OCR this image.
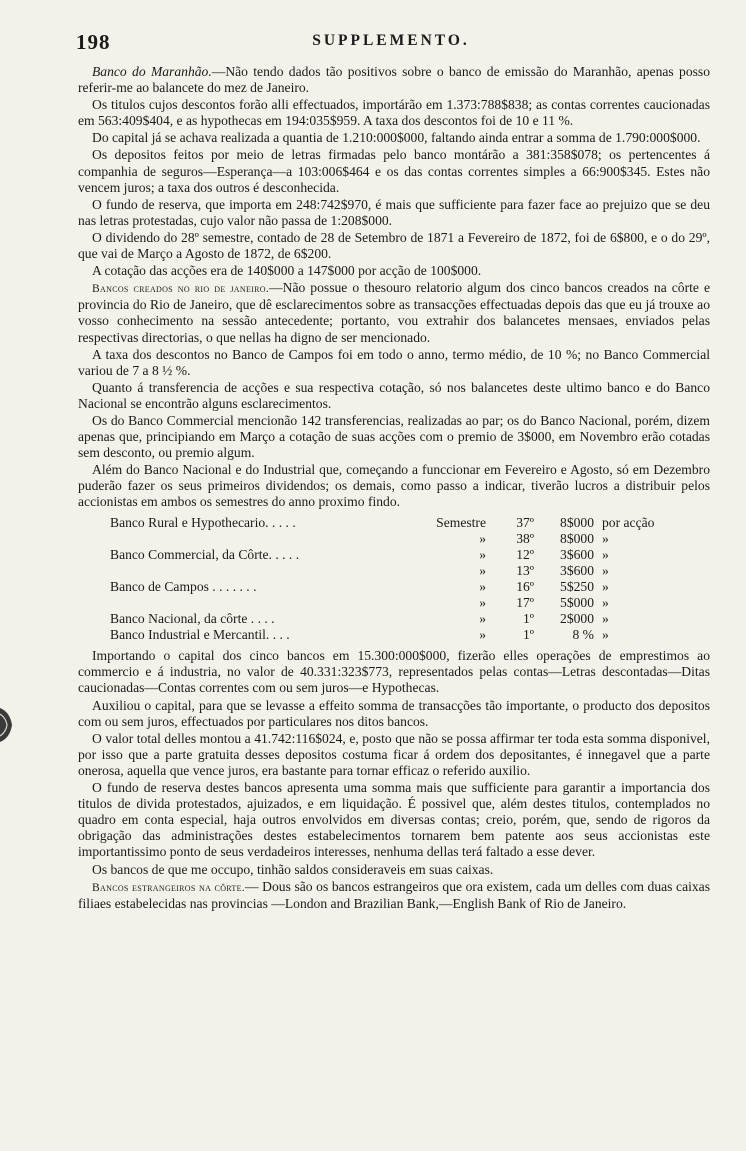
198	SUPPLEMENTO.

Banco do Maranhão.—Não tendo dados tão positivos sobre o banco de emissão do Maranhão, apenas posso referir-me ao balancete do mez de Janeiro.

Os titulos cujos descontos forão alli effectuados, importárão em 1.373:788$838; as contas correntes caucionadas em 563:409$404, e as hypothecas em 194:035$959. A taxa dos descontos foi de 10 e 11 %.

Do capital já se achava realizada a quantia de 1.210:000$000, faltando ainda entrar a somma de 1.790:000$000.

Os depositos feitos por meio de letras firmadas pelo banco montárão a 381:358$078; os pertencentes á companhia de seguros—Esperança—a 103:006$464 e os das contas correntes simples a 66:900$345. Estes não vencem juros; a taxa dos outros é desconhecida.

O fundo de reserva, que importa em 248:742$970, é mais que sufficiente para fazer face ao prejuizo que se deu nas letras protestadas, cujo valor não passa de 1:208$000.

O dividendo do 28º semestre, contado de 28 de Setembro de 1871 a Fevereiro de 1872, foi de 6$800, e o do 29º, que vai de Março a Agosto de 1872, de 6$200.

A cotação das acções era de 140$000 a 147$000 por acção de 100$000.

Bancos creados no rio de janeiro.—Não possue o thesouro relatorio algum dos cinco bancos creados na côrte e provincia do Rio de Janeiro, que dê esclarecimentos sobre as transacções effectuadas depois das que eu já trouxe ao vosso conhecimento na sessão antecedente; portanto, vou extrahir dos balancetes mensaes, enviados pelas respectivas directorias, o que nellas ha digno de ser mencionado.

A taxa dos descontos no Banco de Campos foi em todo o anno, termo médio, de 10 %; no Banco Commercial variou de 7 a 8 ½ %.

Quanto á transferencia de acções e sua respectiva cotação, só nos balancetes deste ultimo banco e do Banco Nacional se encontrão alguns esclarecimentos.

Os do Banco Commercial mencionão 142 transferencias, realizadas ao par; os do Banco Nacional, porém, dizem apenas que, principiando em Março a cotação de suas acções com o premio de 3$000, em Novembro erão cotadas sem desconto, ou premio algum.

Além do Banco Nacional e do Industrial que, começando a funccionar em Fevereiro e Agosto, só em Dezembro puderão fazer os seus primeiros dividendos; os demais, como passo a indicar, tiverão lucros a distribuir pelos accionistas em ambos os semestres do anno proximo findo.

Banco Rural e Hypothecario. . . . .	Semestre	37º	8$000	por acção
	»	38º	8$000	»
Banco Commercial, da Côrte. . . . .	»	12º	3$600	»
	»	13º	3$600	»
Banco de Campos . . . . . . .	»	16º	5$250	»
	»	17º	5$000	»
Banco Nacional, da côrte . . . .	»	1º	2$000	»
Banco Industrial e Mercantil. . . .	»	1º	8 %	»

Importando o capital dos cinco bancos em 15.300:000$000, fizerão elles operações de emprestimos ao commercio e á industria, no valor de 40.331:323$773, representados pelas contas—Letras descontadas—Ditas caucionadas—Contas correntes com ou sem juros—e Hypothecas.

Auxiliou o capital, para que se levasse a effeito somma de transacções tão importante, o producto dos depositos com ou sem juros, effectuados por particulares nos ditos bancos.

O valor total delles montou a 41.742:116$024, e, posto que não se possa affirmar ter toda esta somma disponivel, por isso que a parte gratuita desses depositos costuma ficar á ordem dos depositantes, é innegavel que a parte onerosa, aquella que vence juros, era bastante para tornar efficaz o referido auxilio.

O fundo de reserva destes bancos apresenta uma somma mais que sufficiente para garantir a importancia dos titulos de divida protestados, ajuizados, e em liquidação. É possivel que, além destes titulos, contemplados no quadro em conta especial, haja outros envolvidos em diversas contas; creio, porém, que, sendo de rigoros da obrigação das administrações destes estabelecimentos tornarem bem patente aos seus accionistas este importantissimo ponto de seus verdadeiros interesses, nenhuma dellas terá faltado a esse dever.

Os bancos de que me occupo, tinhão saldos consideraveis em suas caixas.

Bancos estrangeiros na côrte.— Dous são os bancos estrangeiros que ora existem, cada um delles com duas caixas filiaes estabelecidas nas provincias —London and Brazilian Bank,—English Bank of Rio de Janeiro.
